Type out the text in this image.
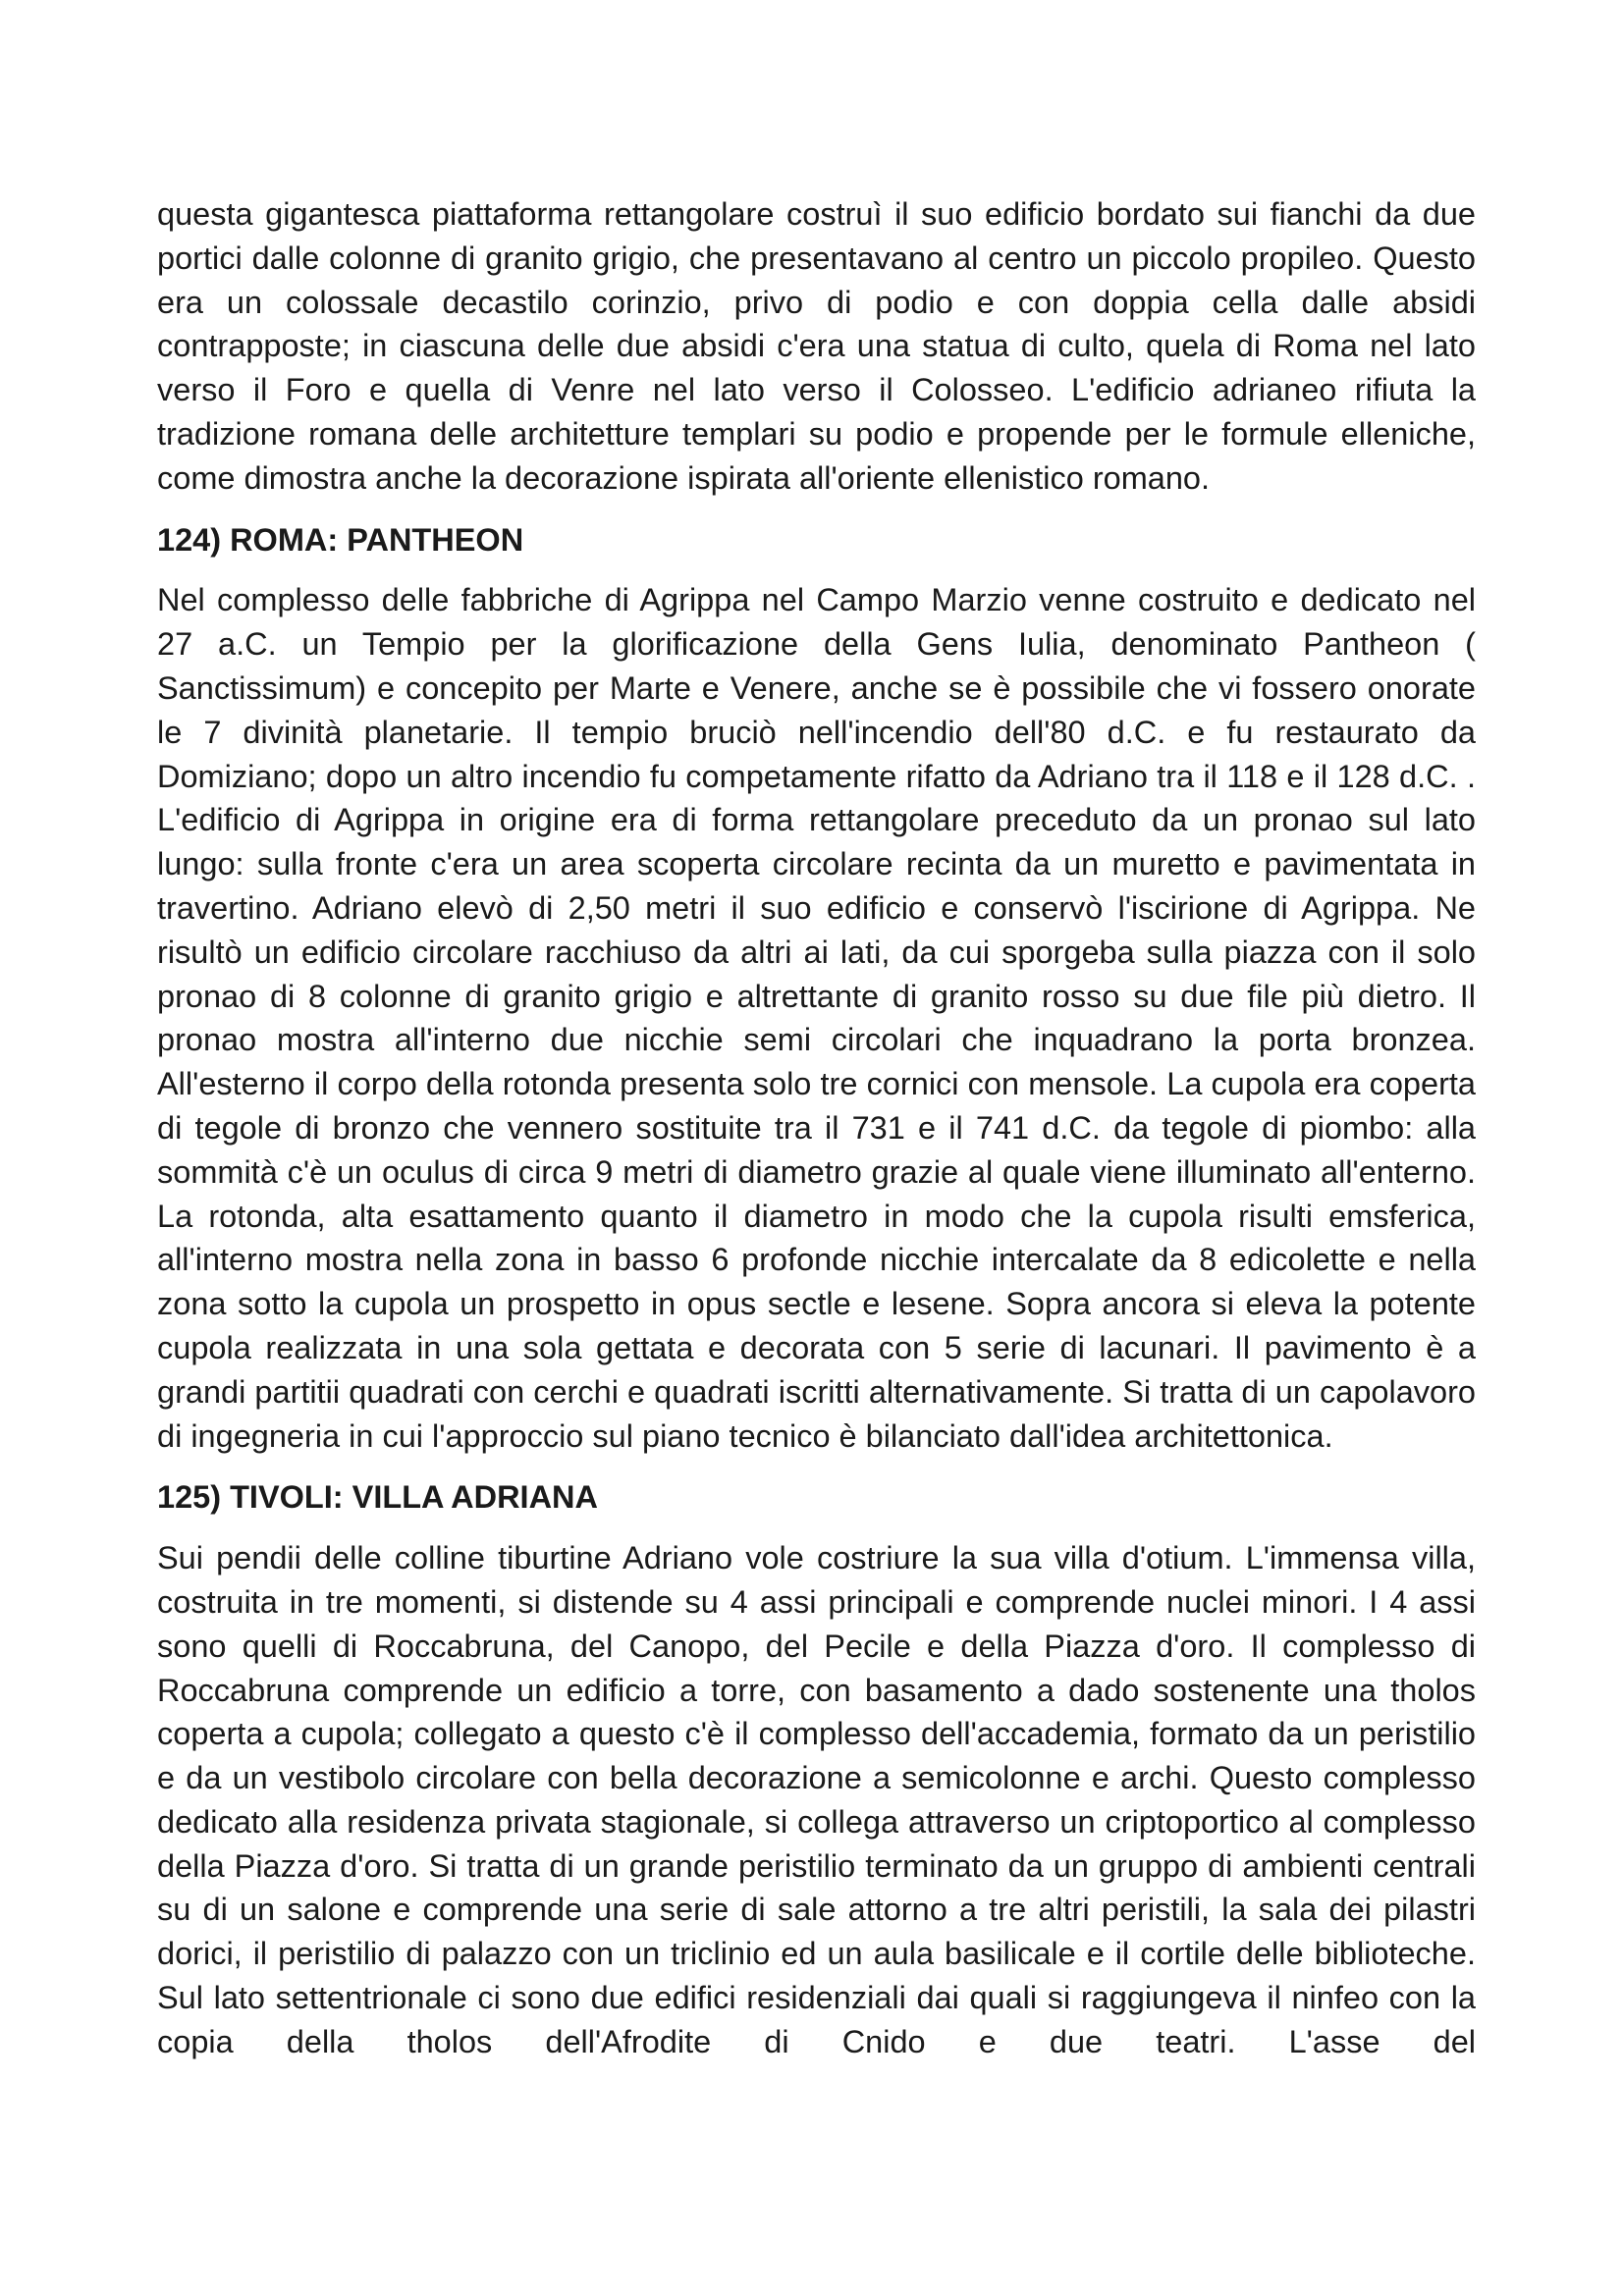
questa gigantesca piattaforma rettangolare costruì il suo edificio bordato sui fianchi da due portici dalle colonne di granito grigio, che presentavano al centro un piccolo propileo. Questo era un colossale decastilo corinzio, privo di podio e con doppia cella dalle absidi contrapposte; in ciascuna delle due absidi c'era una statua di culto, quela di Roma nel lato verso il Foro e quella di Venre nel lato verso il Colosseo. L'edificio adrianeo rifiuta la tradizione romana delle architetture templari su podio e propende per le formule elleniche, come dimostra anche la decorazione ispirata all'oriente ellenistico romano.

124) ROMA: PANTHEON

Nel complesso delle fabbriche di Agrippa nel Campo Marzio venne costruito e dedicato nel 27 a.C. un Tempio per la glorificazione della Gens Iulia, denominato Pantheon ( Sanctissimum) e concepito per Marte e Venere, anche se è possibile che vi fossero onorate le 7 divinità planetarie. Il tempio bruciò nell'incendio dell'80 d.C. e fu restaurato da Domiziano; dopo un altro incendio fu competamente rifatto da Adriano tra il 118 e il 128 d.C. . L'edificio di Agrippa in origine era di forma rettangolare preceduto da un pronao sul lato lungo: sulla fronte c'era un area scoperta circolare recinta da un muretto e pavimentata in travertino. Adriano elevò di 2,50 metri il suo edificio e conservò l'iscirione di Agrippa. Ne risultò un edificio circolare racchiuso da altri ai lati, da cui sporgeba sulla piazza con il solo pronao di 8 colonne di granito grigio e altrettante di granito rosso su due file più dietro. Il pronao mostra all'interno due nicchie semi circolari che inquadrano la porta bronzea. All'esterno il corpo della rotonda presenta solo tre cornici con mensole. La cupola era coperta di tegole di bronzo che vennero sostituite tra il 731 e il 741 d.C. da tegole di piombo: alla sommità c'è un oculus di circa 9 metri di diametro grazie al quale viene illuminato all'enterno. La rotonda, alta esattamento quanto il diametro in modo che la cupola risulti emsferica, all'interno mostra nella zona in basso 6 profonde nicchie intercalate da 8 edicolette e nella zona sotto la cupola un prospetto in opus sectle e lesene. Sopra ancora si eleva la potente cupola realizzata in una sola gettata e decorata con 5 serie di lacunari. Il pavimento è a grandi partitii quadrati con cerchi e quadrati iscritti alternativamente. Si tratta di un capolavoro di ingegneria in cui l'approccio sul piano tecnico è bilanciato dall'idea architettonica.

125) TIVOLI: VILLA ADRIANA

Sui pendii delle colline tiburtine Adriano vole costriure la sua villa d'otium. L'immensa villa, costruita in tre momenti, si distende su 4 assi principali e comprende nuclei minori. I 4 assi sono quelli di Roccabruna, del Canopo, del Pecile e della Piazza d'oro. Il complesso di Roccabruna comprende un edificio a torre, con basamento a dado sostenente una tholos coperta a cupola; collegato a questo c'è il complesso dell'accademia, formato da un peristilio e da un vestibolo circolare con bella decorazione a semicolonne e archi. Questo complesso dedicato alla residenza privata stagionale, si collega attraverso un criptoportico al complesso della Piazza d'oro. Si tratta di un grande peristilio terminato da un gruppo di ambienti centrali su di un salone e comprende una serie di sale attorno a tre altri peristili, la sala dei pilastri dorici, il peristilio di palazzo con un triclinio ed un aula basilicale e il cortile delle biblioteche. Sul lato settentrionale ci sono due edifici residenziali dai quali si raggiungeva il ninfeo con la copia della tholos dell'Afrodite di Cnido e due teatri. L'asse del
